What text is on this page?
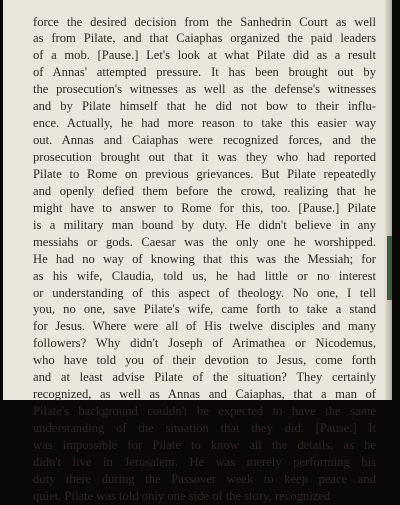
force the desired decision from the Sanhedrin Court as well
as from Pilate, and that Caiaphas organized the paid leaders
of a mob. [Pause.] Let's look at what Pilate did as a result
of Annas' attempted pressure. It has been brought out by
the prosecution's witnesses as well as the defense's witnesses
and by Pilate himself that he did not bow to their influ-
ence. Actually, he had more reason to take this easier way
out. Annas and Caiaphas were recognized forces, and the
prosecution brought out that it was they who had reported
Pilate to Rome on previous grievances. But Pilate repeatedly
and openly defied them before the crowd, realizing that he
might have to answer to Rome for this, too. [Pause.] Pilate
is a military man bound by duty. He didn't believe in any
messiahs or gods. Caesar was the only one he worshipped.
He had no way of knowing that this was the Messiah; for
as his wife, Claudia, told us, he had little or no interest
or understanding of this aspect of theology. No one, I tell
you, no one, save Pilate's wife, came forth to take a stand
for Jesus. Where were all of His twelve disciples and many
followers? Why didn't Joseph of Arimathea or Nicodemus,
who have told you of their devotion to Jesus, come forth
and at least advise Pilate of the situation? They certainly
recognized, as well as Annas and Caiaphas, that a man of
Pilate's background couldn't be expected to have the same
understanding of the situation that they did. [Pause.] It
was impossible for Pilate to know all the details, as he
didn't live in Jerusalem. He was merely performing his
duty there during the Passover week to keep peace and
quiet. Pilate was told only one side of the story, recognized
